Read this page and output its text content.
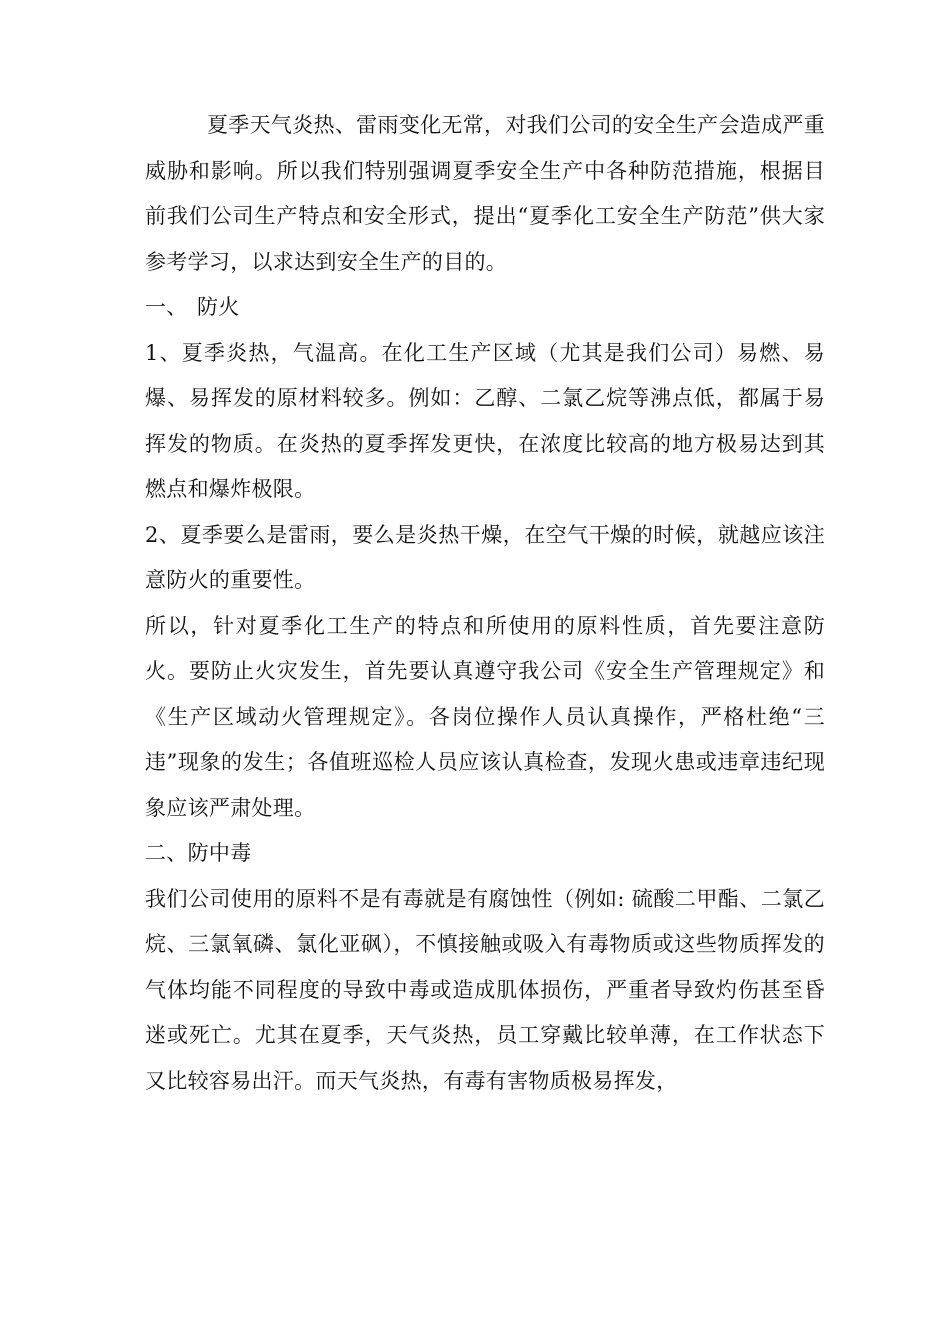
夏季天气炎热、雷雨变化无常，对我们公司的安全生产会造成严重威胁和影响。所以我们特别强调夏季安全生产中各种防范措施，根据目前我们公司生产特点和安全形式，提出“夏季化工安全生产防范”供大家参考学习，以求达到安全生产的目的。

一、 防火

1、夏季炎热，气温高。在化工生产区域（尤其是我们公司）易燃、易爆、易挥发的原材料较多。例如：乙醇、二氯乙烷等沸点低，都属于易挥发的物质。在炎热的夏季挥发更快，在浓度比较高的地方极易达到其燃点和爆炸极限。

2、夏季要么是雷雨，要么是炎热干燥，在空气干燥的时候，就越应该注意防火的重要性。

所以，针对夏季化工生产的特点和所使用的原料性质，首先要注意防火。要防止火灾发生，首先要认真遵守我公司《安全生产管理规定》和《生产区域动火管理规定》。各岗位操作人员认真操作，严格杜绝“三违”现象的发生；各值班巡检人员应该认真检查，发现火患或违章违纪现象应该严肃处理。

二、防中毒

我们公司使用的原料不是有毒就是有腐蚀性（例如: 硫酸二甲酯、二氯乙烷、三氯氧磷、氯化亚砜），不慎接触或吸入有毒物质或这些物质挥发的气体均能不同程度的导致中毒或造成肌体损伤，严重者导致灼伤甚至昏迷或死亡。尤其在夏季，天气炎热，员工穿戴比较单薄，在工作状态下又比较容易出汗。而天气炎热，有毒有害物质极易挥发，
